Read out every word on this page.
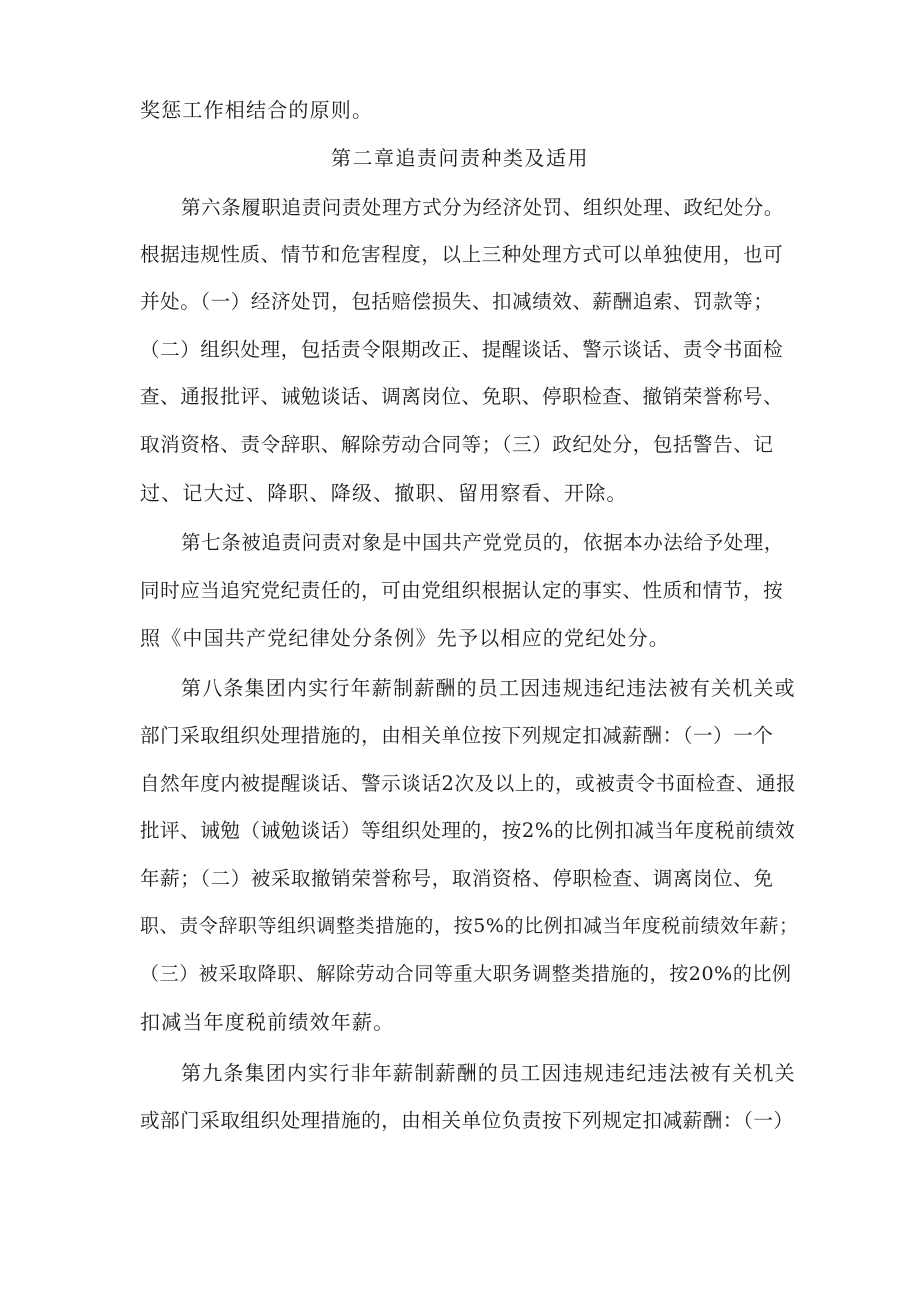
奖惩工作相结合的原则。
第二章追责问责种类及适用
第六条履职追责问责处理方式分为经济处罚、组织处理、政纪处分。
根据违规性质、情节和危害程度，以上三种处理方式可以单独使用，也可
并处。（一）经济处罚，包括赔偿损失、扣减绩效、薪酬追索、罚款等；
（二）组织处理，包括责令限期改正、提醒谈话、警示谈话、责令书面检
查、通报批评、诫勉谈话、调离岗位、免职、停职检查、撤销荣誉称号、
取消资格、责令辞职、解除劳动合同等；（三）政纪处分，包括警告、记
过、记大过、降职、降级、撤职、留用察看、开除。
第七条被追责问责对象是中国共产党党员的，依据本办法给予处理，
同时应当追究党纪责任的，可由党组织根据认定的事实、性质和情节，按
照《中国共产党纪律处分条例》先予以相应的党纪处分。
第八条集团内实行年薪制薪酬的员工因违规违纪违法被有关机关或
部门采取组织处理措施的，由相关单位按下列规定扣减薪酬：（一）一个
自然年度内被提醒谈话、警示谈话2次及以上的，或被责令书面检查、通报
批评、诫勉（诫勉谈话）等组织处理的，按2%的比例扣减当年度税前绩效
年薪；（二）被采取撤销荣誉称号，取消资格、停职检查、调离岗位、免
职、责令辞职等组织调整类措施的，按5%的比例扣减当年度税前绩效年薪；
（三）被采取降职、解除劳动合同等重大职务调整类措施的，按20%的比例
扣减当年度税前绩效年薪。
第九条集团内实行非年薪制薪酬的员工因违规违纪违法被有关机关
或部门采取组织处理措施的，由相关单位负责按下列规定扣减薪酬：（一）
